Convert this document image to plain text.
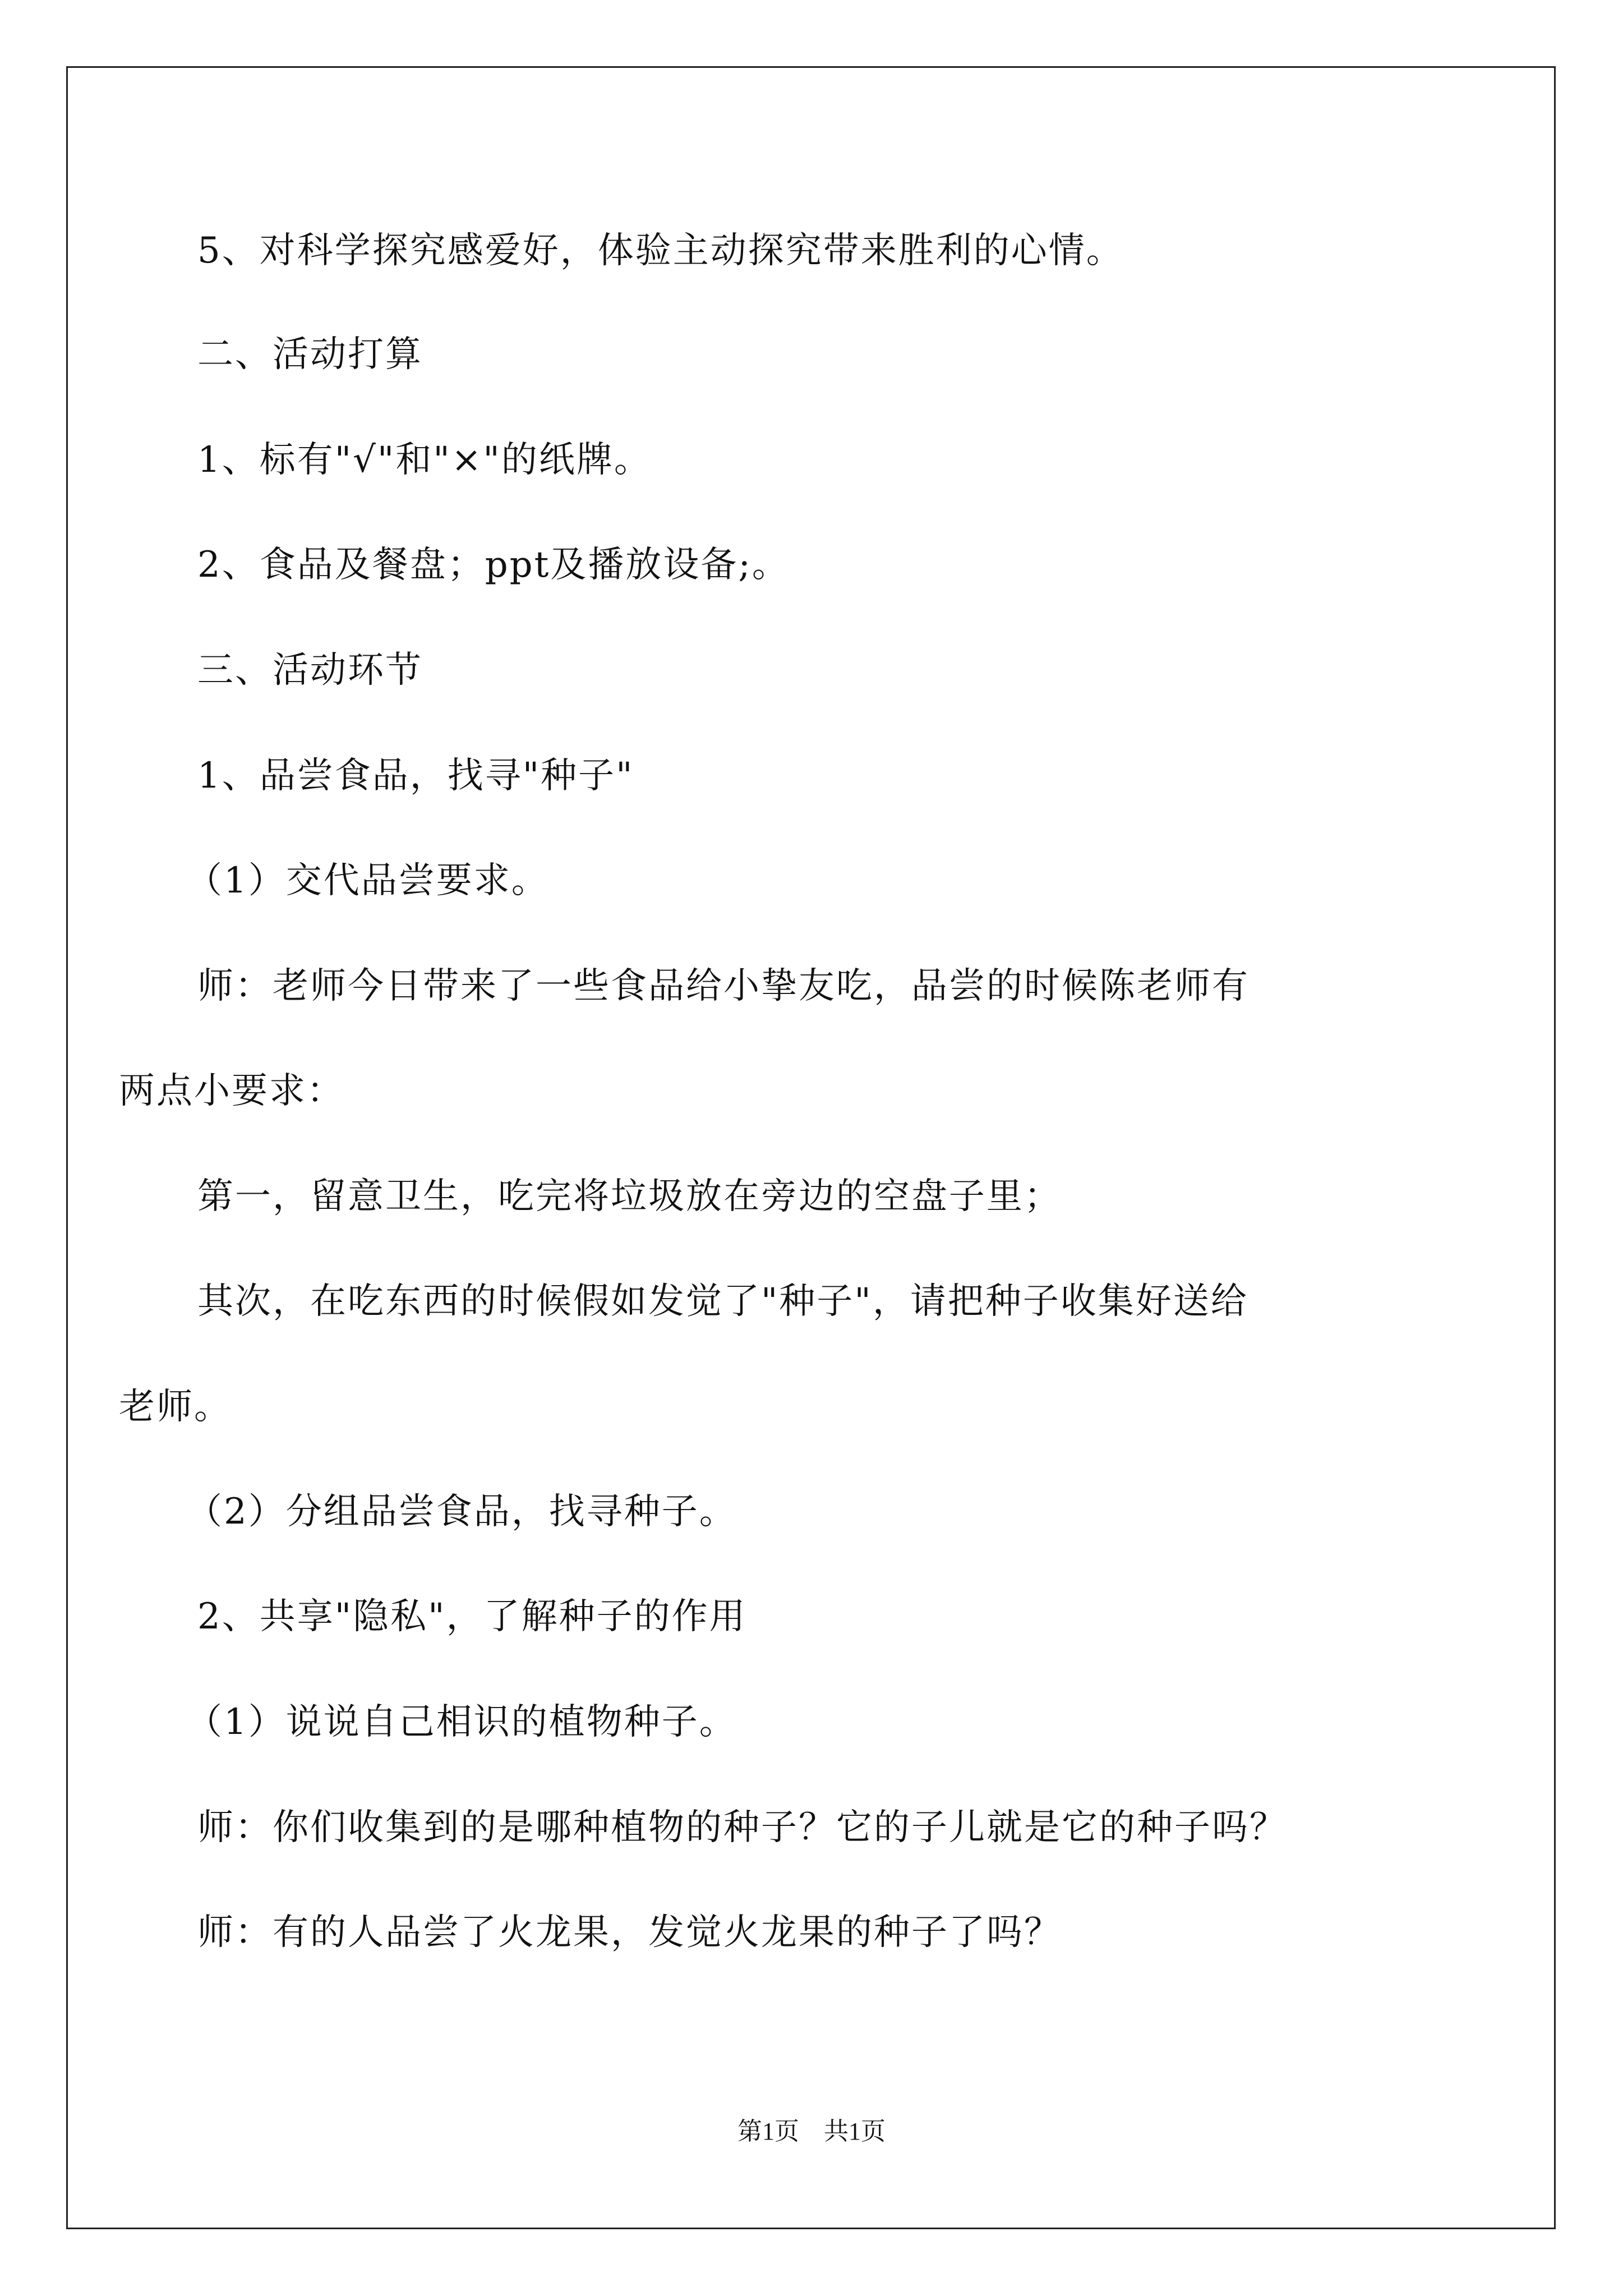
5、对科学探究感爱好，体验主动探究带来胜利的心情。
二、活动打算
1、标有"√"和"×"的纸牌。
2、食品及餐盘；ppt及播放设备;。
三、活动环节
1、品尝食品，找寻"种子"
（1）交代品尝要求。
师：老师今日带来了一些食品给小挚友吃，品尝的时候陈老师有
两点小要求：
第一，留意卫生，吃完将垃圾放在旁边的空盘子里；
其次，在吃东西的时候假如发觉了"种子"，请把种子收集好送给
老师。
（2）分组品尝食品，找寻种子。
2、共享"隐私"，了解种子的作用
（1）说说自己相识的植物种子。
师：你们收集到的是哪种植物的种子？它的子儿就是它的种子吗？
师：有的人品尝了火龙果，发觉火龙果的种子了吗？
第1页　共1页
